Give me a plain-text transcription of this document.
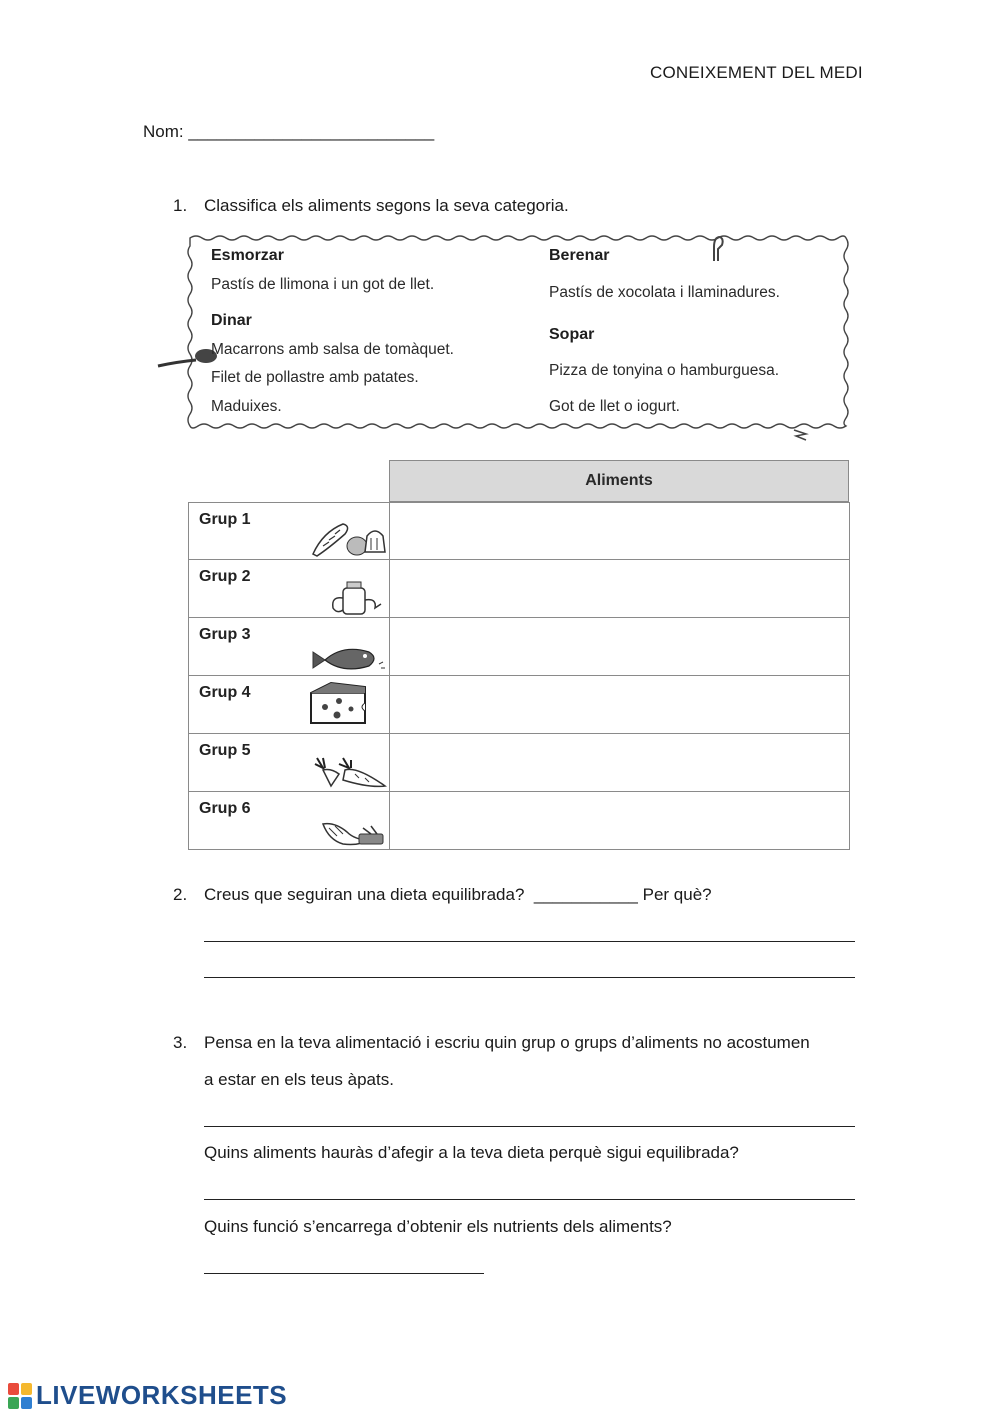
CONEIXEMENT DEL MEDI
Nom: __________________________
1. Classifica els aliments segons la seva categoria.
Esmorzar
Pastís de llimona i un got de llet.
Dinar
Macarrons amb salsa de tomàquet.
Filet de pollastre amb patates.
Maduixes.
Berenar
Pastís de xocolata i llaminadures.
Sopar
Pizza de tonyina o hamburguesa.
Got de llet o iogurt.
Aliments
Grup 1
Grup 2
Grup 3
Grup 4
Grup 5
Grup 6
2. Creus que seguiran una dieta equilibrada? ___________ Per què?
3. Pensa en la teva alimentació i escriu quin grup o grups d’aliments no acostumen
a estar en els teus àpats.
Quins aliments hauràs d’afegir a la teva dieta perquè sigui equilibrada?
Quins funció s’encarrega d’obtenir els nutrients dels aliments?
LIVEWORKSHEETS
